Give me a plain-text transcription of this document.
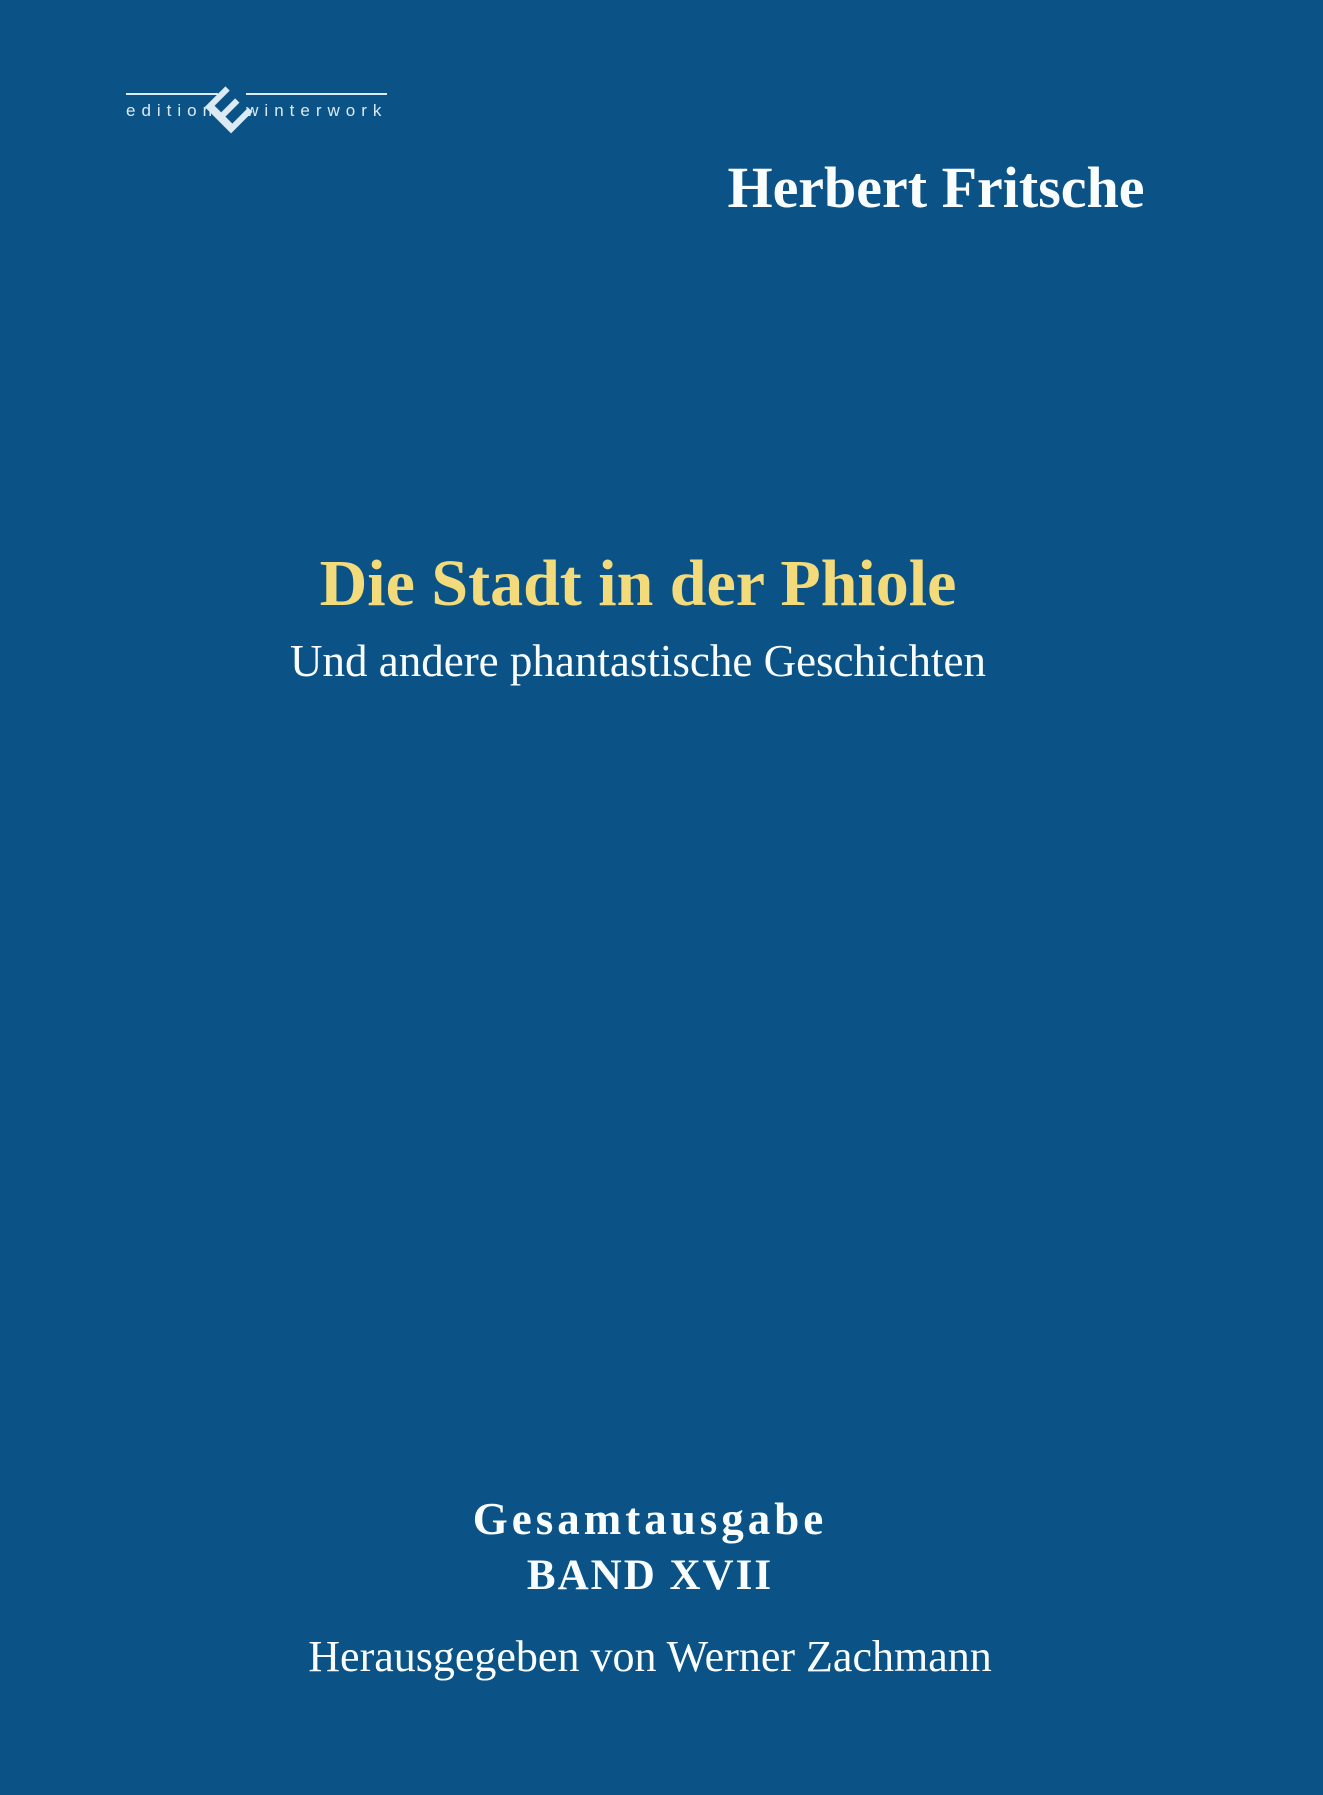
edition
E
winterwork
Herbert Fritsche
Die Stadt in der Phiole
Und andere phantastische Geschichten
Gesamtausgabe
BAND XVII
Herausgegeben von Werner Zachmann
